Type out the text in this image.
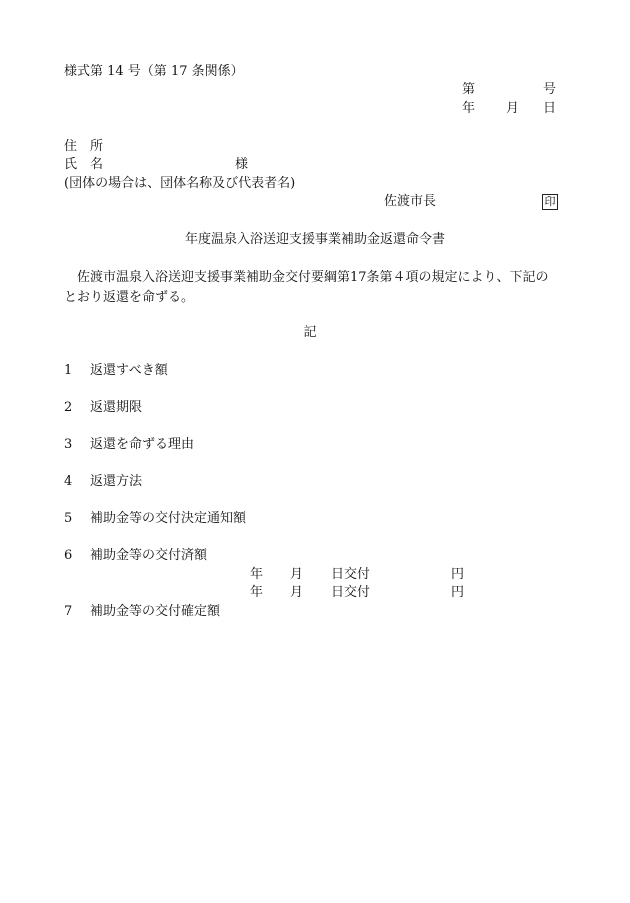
様式第 14 号（第 17 条関係）
第	号
年 月 日
住　所
氏　名	様
(団体の場合は、団体名称及び代表者名)
佐渡市長	印
年度温泉入浴送迎支援事業補助金返還命令書
　佐渡市温泉入浴送迎支援事業補助金交付要綱第17条第４項の規定により、下記のとおり返還を命ずる。
記
1 返還すべき額
2 返還期限
3 返還を命ずる理由
4 返還方法
5 補助金等の交付決定通知額
6 補助金等の交付済額
年 月 日交付	円
年 月 日交付	円
7 補助金等の交付確定額
